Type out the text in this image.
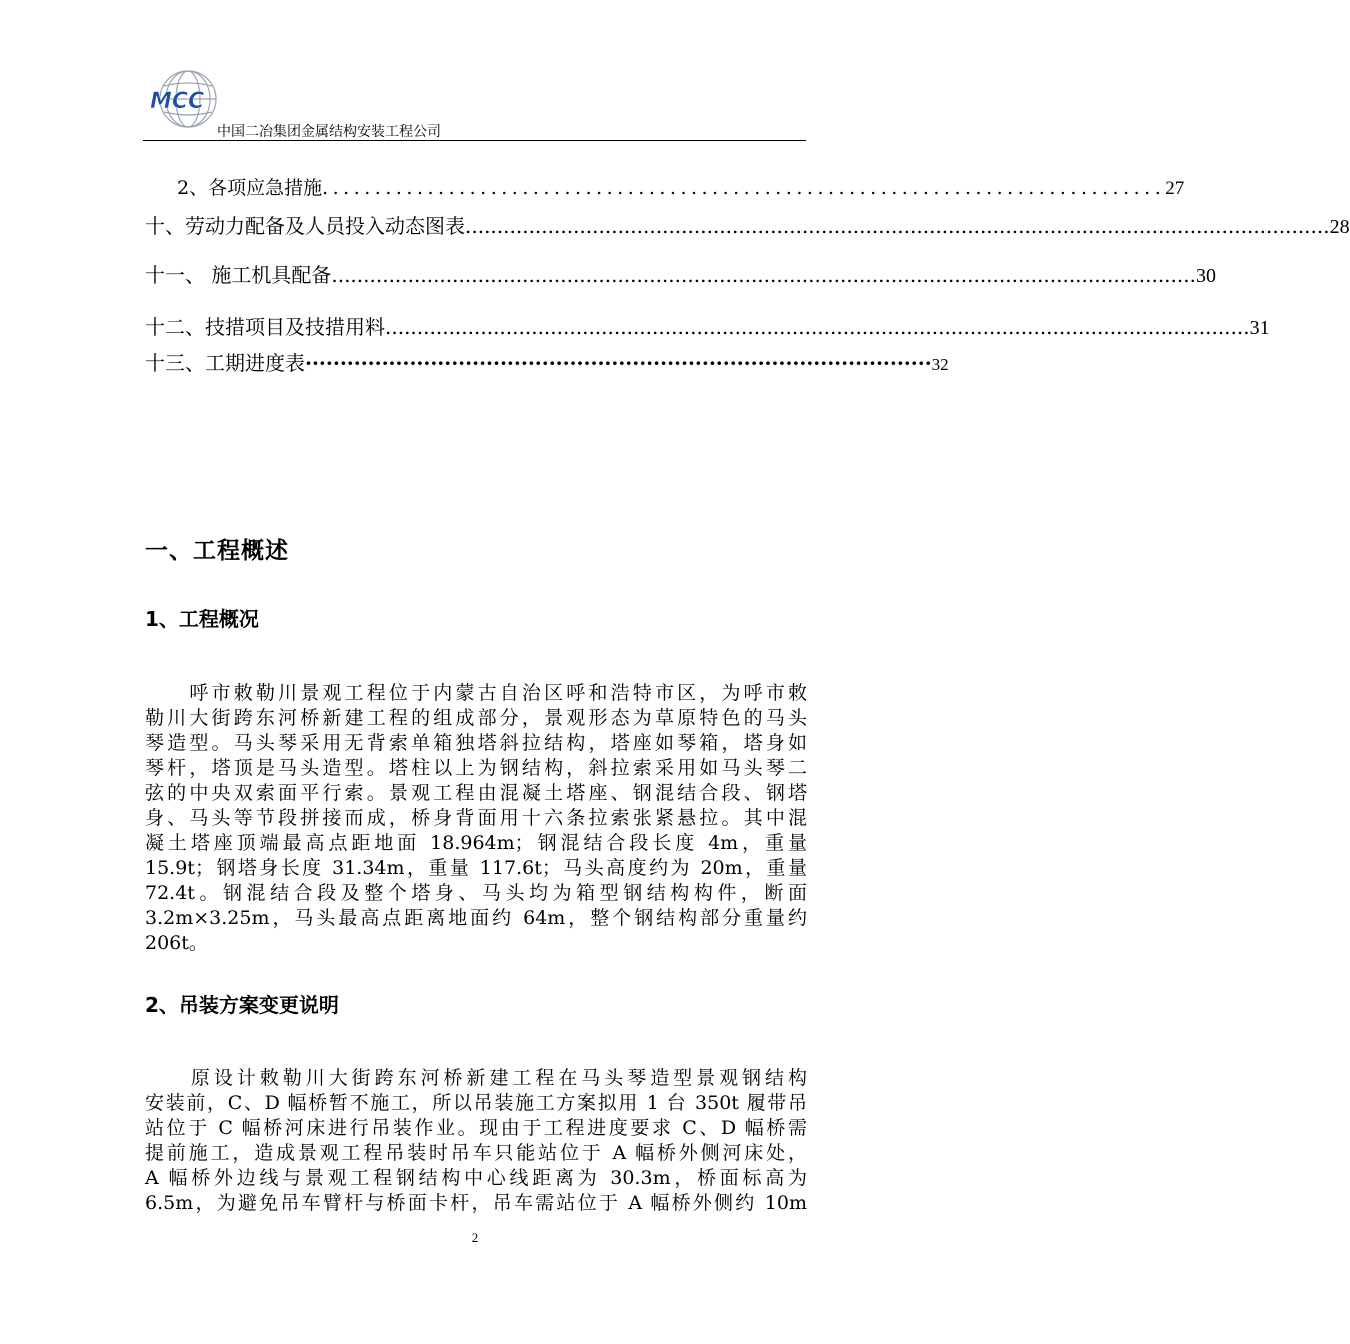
MCC
中国二冶集团金属结构安装工程公司
2、各项应急措施 ................................................................................ 27
十、劳动力配备及人员投入动态图表 ........................................................................................................................................ 28
十一、 施工机具配备 ........................................................................................................................................ 30
十二、技措项目及技措用料 ........................................................................................................................................ 31
十三、工期进度表 ·························································································· 32
一、工程概述
1、工程概况
　　呼市敕勒川景观工程位于内蒙古自治区呼和浩特市区，为呼市敕
勒川大街跨东河桥新建工程的组成部分，景观形态为草原特色的马头
琴造型。马头琴采用无背索单箱独塔斜拉结构，塔座如琴箱，塔身如
琴杆，塔顶是马头造型。塔柱以上为钢结构，斜拉索采用如马头琴二
弦的中央双索面平行索。景观工程由混凝土塔座、钢混结合段、钢塔
身、马头等节段拼接而成，桥身背面用十六条拉索张紧悬拉。其中混
凝土塔座顶端最高点距地面 18.964m；钢混结合段长度 4m，重量
15.9t；钢塔身长度 31.34m，重量 117.6t；马头高度约为 20m，重量
72.4t。钢混结合段及整个塔身、马头均为箱型钢结构构件，断面
3.2m×3.25m，马头最高点距离地面约 64m，整个钢结构部分重量约
206t。
2、吊装方案变更说明
　　原设计敕勒川大街跨东河桥新建工程在马头琴造型景观钢结构
安装前，C、D 幅桥暂不施工，所以吊装施工方案拟用 1 台 350t 履带吊
站位于 C 幅桥河床进行吊装作业。现由于工程进度要求 C、D 幅桥需
提前施工，造成景观工程吊装时吊车只能站位于 A 幅桥外侧河床处，
A 幅桥外边线与景观工程钢结构中心线距离为 30.3m，桥面标高为
6.5m，为避免吊车臂杆与桥面卡杆，吊车需站位于 A 幅桥外侧约 10m
2
